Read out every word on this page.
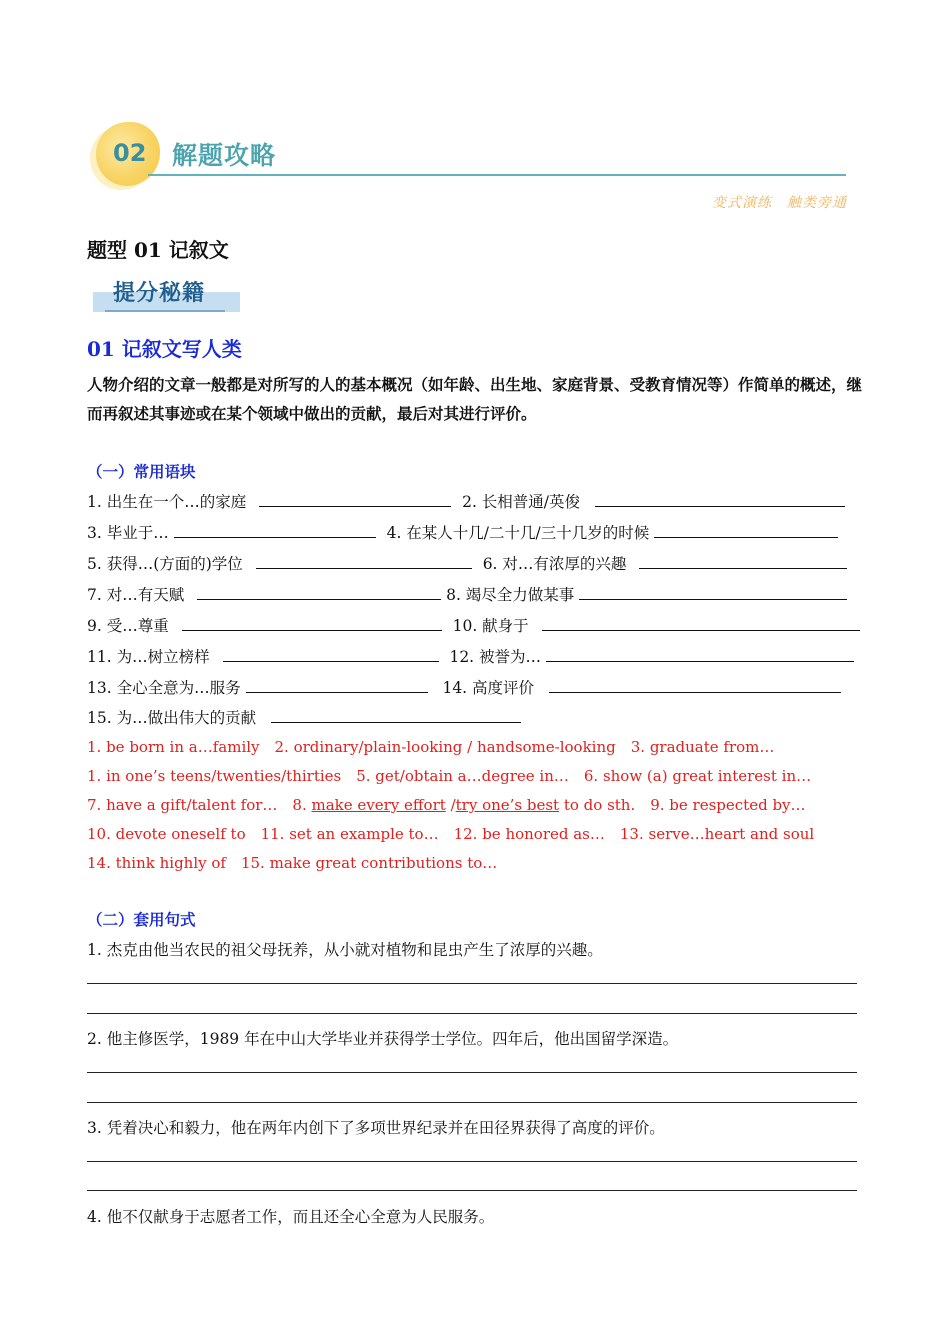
02 解题攻略
变式演练　触类旁通
题型 01 记叙文
提分秘籍
01 记叙文写人类
人物介绍的文章一般都是对所写的人的基本概况（如年龄、出生地、家庭背景、受教育情况等）作简单的概述，继而再叙述其事迹或在某个领域中做出的贡献，最后对其进行评价。
（一）常用语块
1. 出生在一个…的家庭	2. 长相普通/英俊
3. 毕业于…	4. 在某人十几/二十几/三十几岁的时候
5. 获得…(方面的)学位	6. 对…有浓厚的兴趣
7. 对…有天赋	8. 竭尽全力做某事
9. 受…尊重	10. 献身于
11. 为…树立榜样	12. 被誉为…
13. 全心全意为…服务	14. 高度评价
15. 为…做出伟大的贡献
1. be born in a…family　2. ordinary/plain-looking / handsome-looking　3. graduate from…
1. in one’s teens/twenties/thirties　5. get/obtain a…degree in…　6. show (a) great interest in…
7. have a gift/talent for…　8. make every effort /try one’s best to do sth.　9. be respected by…
10. devote oneself to　11. set an example to…　12. be honored as…　13. serve…heart and soul
14. think highly of　15. make great contributions to…
（二）套用句式
1. 杰克由他当农民的祖父母抚养，从小就对植物和昆虫产生了浓厚的兴趣。
2. 他主修医学，1989 年在中山大学毕业并获得学士学位。四年后，他出国留学深造。
3. 凭着决心和毅力，他在两年内创下了多项世界纪录并在田径界获得了高度的评价。
4. 他不仅献身于志愿者工作，而且还全心全意为人民服务。
